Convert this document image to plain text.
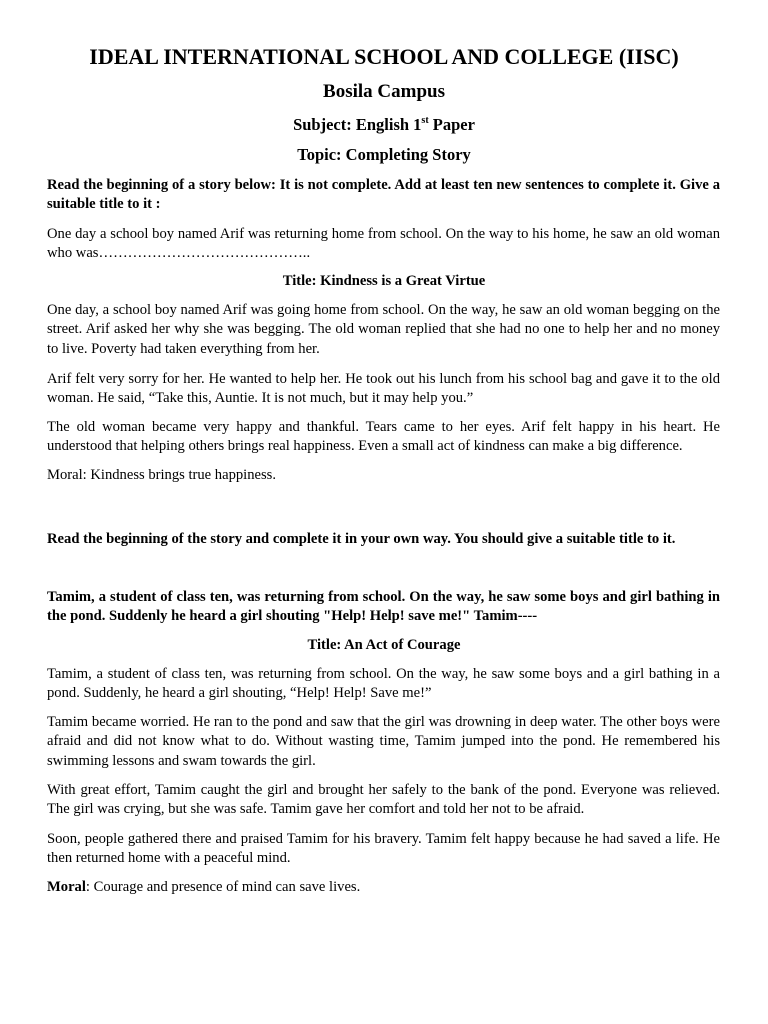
IDEAL INTERNATIONAL SCHOOL AND COLLEGE (IISC)
Bosila Campus
Subject: English 1st Paper
Topic: Completing Story

Read the beginning of a story below: It is not complete. Add at least ten new sentences to complete it. Give a suitable title to it :

One day a school boy named Arif was returning home from school. On the way to his home, he saw an old woman who was……………………………………..

Title: Kindness is a Great Virtue

One day, a school boy named Arif was going home from school. On the way, he saw an old woman begging on the street. Arif asked her why she was begging. The old woman replied that she had no one to help her and no money to live. Poverty had taken everything from her.

Arif felt very sorry for her. He wanted to help her. He took out his lunch from his school bag and gave it to the old woman. He said, “Take this, Auntie. It is not much, but it may help you.”

The old woman became very happy and thankful. Tears came to her eyes. Arif felt happy in his heart. He understood that helping others brings real happiness. Even a small act of kindness can make a big difference.

Moral: Kindness brings true happiness.

Read the beginning of the story and complete it in your own way. You should give a suitable title to it.

Tamim, a student of class ten, was returning from school. On the way, he saw some boys and girl bathing in the pond. Suddenly he heard a girl shouting "Help! Help! save me!" Tamim----

Title: An Act of Courage

Tamim, a student of class ten, was returning from school. On the way, he saw some boys and a girl bathing in a pond. Suddenly, he heard a girl shouting, “Help! Help! Save me!”

Tamim became worried. He ran to the pond and saw that the girl was drowning in deep water. The other boys were afraid and did not know what to do. Without wasting time, Tamim jumped into the pond. He remembered his swimming lessons and swam towards the girl.

With great effort, Tamim caught the girl and brought her safely to the bank of the pond. Everyone was relieved. The girl was crying, but she was safe. Tamim gave her comfort and told her not to be afraid.

Soon, people gathered there and praised Tamim for his bravery. Tamim felt happy because he had saved a life. He then returned home with a peaceful mind.

Moral: Courage and presence of mind can save lives.
